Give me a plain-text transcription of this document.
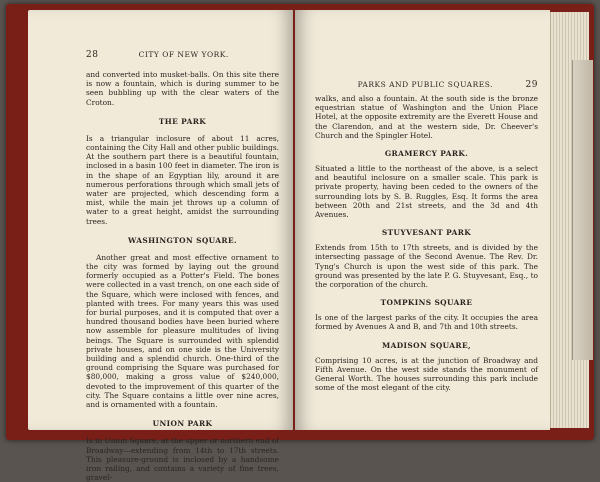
28	CITY OF NEW YORK.

and converted into musket-balls. On this site there is now a fountain, which is during summer to be seen bubbling up with the clear waters of the Croton.

THE PARK

Is a triangular inclosure of about 11 acres, containing the City Hall and other public buildings. At the southern part there is a beautiful fountain, inclosed in a basin 100 feet in diameter. The iron is in the shape of an Egyptian lily, around it are numerous perforations through which small jets of water are projected, which descending form a mist, while the main jet throws up a column of water to a great height, amidst the surrounding trees.

WASHINGTON SQUARE.

Another great and most effective ornament to the city was formed by laying out the ground formerly occupied as a Potter's Field. The bones were collected in a vast trench, on one each side of the Square, which were inclosed with fences, and planted with trees. For many years this was used for burial purposes, and it is computed that over a hundred thousand bodies have been buried where now assemble for pleasure multitudes of living beings. The Square is surrounded with splendid private houses, and on one side is the University building and a splendid church. One-third of the ground comprising the Square was purchased for $80,000, making a gross value of $240,000, devoted to the improvement of this quarter of the city. The Square contains a little over nine acres, and is ornamented with a fountain.

UNION PARK

Is in Union Square, at the upper or northern end of Broadway—extending from 14th to 17th streets. This pleasure-ground is inclosed by a handsome iron railing, and contains a variety of fine trees, gravel-

PARKS AND PUBLIC SQUARES.	29

walks, and also a fountain. At the south side is the bronze equestrian statue of Washington and the Union Place Hotel, at the opposite extremity are the Everett House and the Clarendon, and at the western side, Dr. Cheever's Church and the Spingler Hotel.

GRAMERCY PARK.

Situated a little to the northeast of the above, is a select and beautiful inclosure on a smaller scale. This park is private property, having been ceded to the owners of the surrounding lots by S. B. Ruggles, Esq. It forms the area between 20th and 21st streets, and the 3d and 4th Avenues.

STUYVESANT PARK

Extends from 15th to 17th streets, and is divided by the intersecting passage of the Second Avenue. The Rev. Dr. Tyng's Church is upon the west side of this park. The ground was presented by the late P. G. Stuyvesant, Esq., to the corporation of the church.

TOMPKINS SQUARE

Is one of the largest parks of the city. It occupies the area formed by Avenues A and B, and 7th and 10th streets.

MADISON SQUARE,

Comprising 10 acres, is at the junction of Broadway and Fifth Avenue. On the west side stands the monument of General Worth. The houses surrounding this park include some of the most elegant of the city.
